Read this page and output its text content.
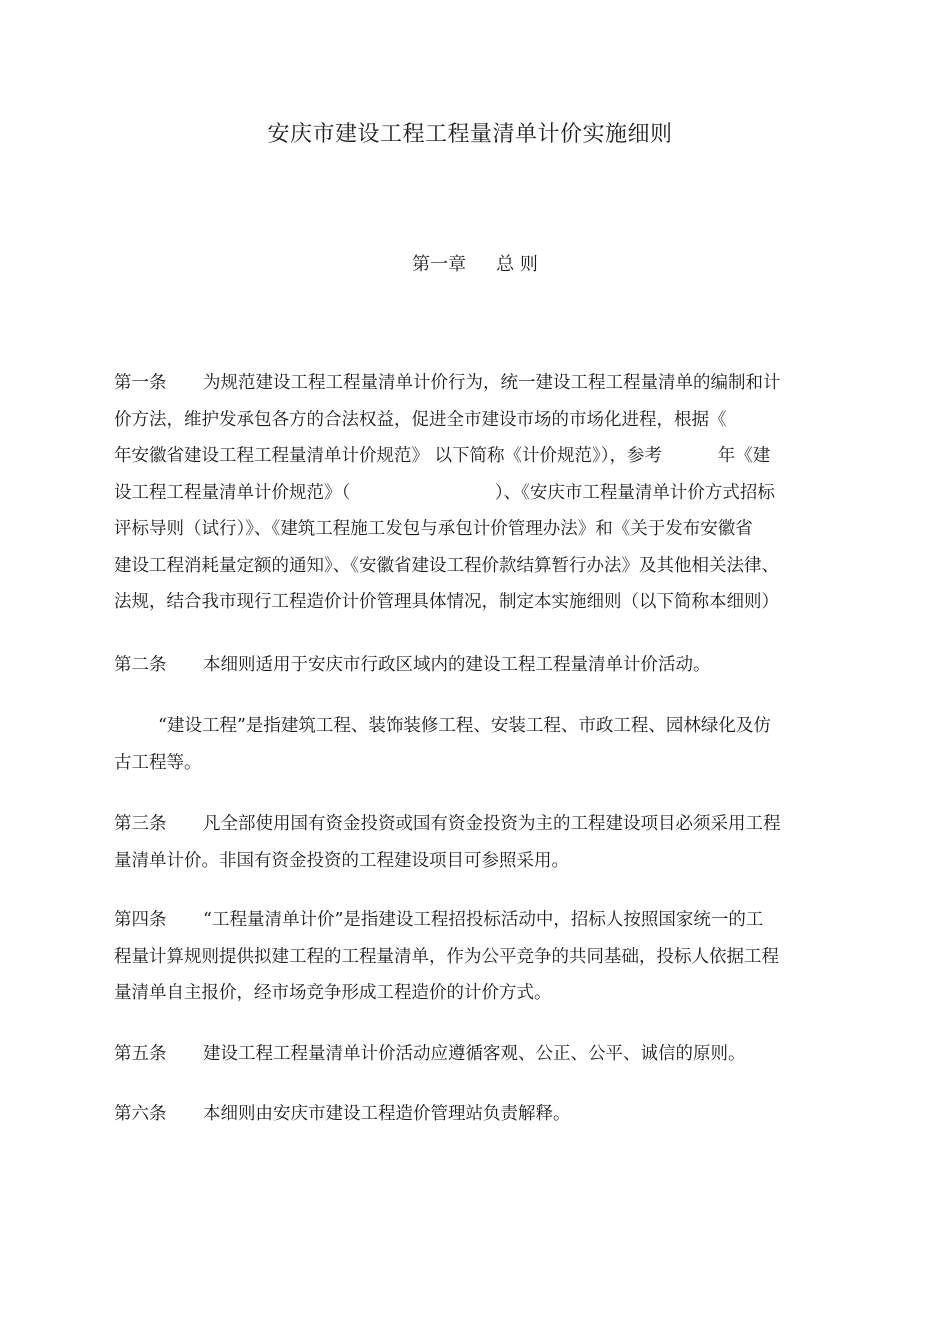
安庆市建设工程工程量清单计价实施细则
第一章 总 则
第一条 为规范建设工程工程量清单计价行为，统一建设工程工程量清单的编制和计
价方法，维护发承包各方的合法权益，促进全市建设市场的市场化进程，根据《
年安徽省建设工程工程量清单计价规范》 以下简称《计价规范》），参考          年《建
设工程工程量清单计价规范》（                          ）、《安庆市工程量清单计价方式招标
评标导则（试行）》、《建筑工程施工发包与承包计价管理办法》和《关于发布安徽省
建设工程消耗量定额的通知》、《安徽省建设工程价款结算暂行办法》及其他相关法律、
法规，结合我市现行工程造价计价管理具体情况，制定本实施细则（以下简称本细则）
第二条 本细则适用于安庆市行政区域内的建设工程工程量清单计价活动。
“建设工程”是指建筑工程、装饰装修工程、安装工程、市政工程、园林绿化及仿
古工程等。
第三条 凡全部使用国有资金投资或国有资金投资为主的工程建设项目必须采用工程
量清单计价。非国有资金投资的工程建设项目可参照采用。
第四条 “工程量清单计价”是指建设工程招投标活动中，招标人按照国家统一的工
程量计算规则提供拟建工程的工程量清单，作为公平竞争的共同基础，投标人依据工程
量清单自主报价，经市场竞争形成工程造价的计价方式。
第五条 建设工程工程量清单计价活动应遵循客观、公正、公平、诚信的原则。
第六条 本细则由安庆市建设工程造价管理站负责解释。
